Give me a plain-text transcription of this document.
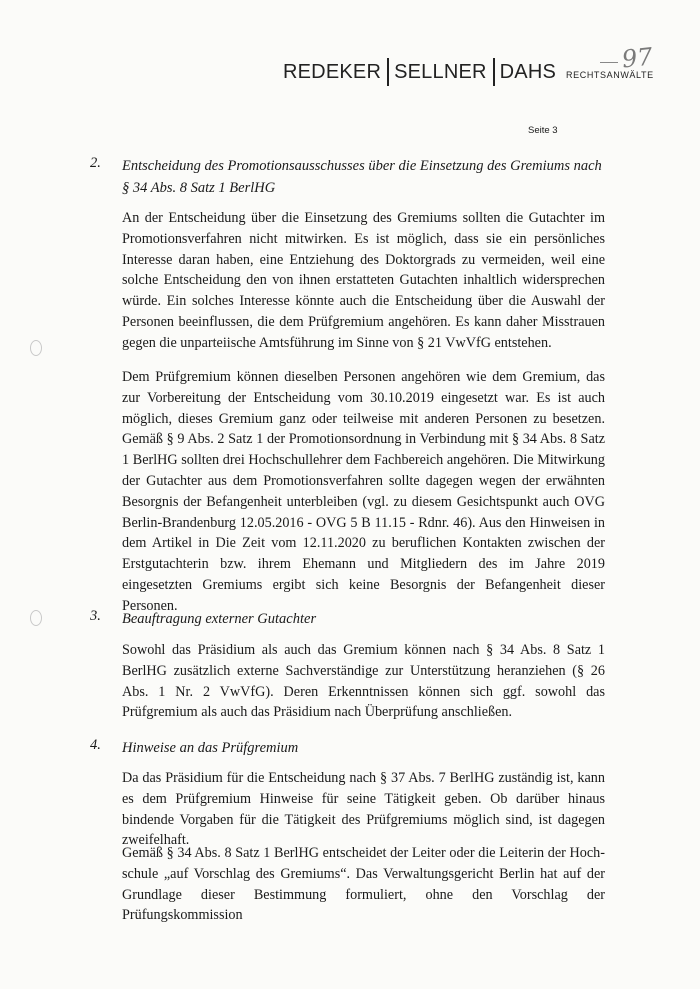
REDEKER SELLNER DAHS RECHTSANWÄLTE
97
Seite 3
2. Entscheidung des Promotionsausschusses über die Einsetzung des Gremiums nach § 34 Abs. 8 Satz 1 BerlHG
An der Entscheidung über die Einsetzung des Gremiums sollten die Gutachter im Promotionsverfahren nicht mitwirken. Es ist möglich, dass sie ein persönliches Interesse daran haben, eine Entziehung des Doktorgrads zu vermeiden, weil eine solche Entscheidung den von ihnen erstatteten Gutachten inhaltlich widersprechen würde. Ein solches Interesse könnte auch die Entscheidung über die Auswahl der Personen beeinflussen, die dem Prüfgremium angehören. Es kann daher Misstrauen gegen die unparteiische Amtsführung im Sinne von § 21 VwVfG entstehen.
Dem Prüfgremium können dieselben Personen angehören wie dem Gremium, das zur Vorbereitung der Entscheidung vom 30.10.2019 eingesetzt war. Es ist auch möglich, dieses Gremium ganz oder teilweise mit anderen Personen zu besetzen. Gemäß § 9 Abs. 2 Satz 1 der Promotionsordnung in Verbindung mit § 34 Abs. 8 Satz 1 BerlHG sollten drei Hochschullehrer dem Fachbereich angehören. Die Mitwirkung der Gutachter aus dem Promotionsverfahren sollte dagegen wegen der erwähnten Besorgnis der Befangenheit unterbleiben (vgl. zu diesem Gesichtspunkt auch OVG Berlin-Brandenburg 12.05.2016 - OVG 5 B 11.15 - Rdnr. 46). Aus den Hinweisen in dem Artikel in Die Zeit vom 12.11.2020 zu beruflichen Kontakten zwischen der Erstgutachterin bzw. ihrem Ehemann und Mitgliedern des im Jahre 2019 eingesetzten Gremiums ergibt sich keine Besorgnis der Befangenheit dieser Personen.
3. Beauftragung externer Gutachter
Sowohl das Präsidium als auch das Gremium können nach § 34 Abs. 8 Satz 1 BerlHG zusätzlich externe Sachverständige zur Unterstützung heranziehen (§ 26 Abs. 1 Nr. 2 VwVfG). Deren Erkenntnissen können sich ggf. sowohl das Prüfgremium als auch das Präsidium nach Überprüfung anschließen.
4. Hinweise an das Prüfgremium
Da das Präsidium für die Entscheidung nach § 37 Abs. 7 BerlHG zuständig ist, kann es dem Prüfgremium Hinweise für seine Tätigkeit geben. Ob darüber hinaus bindende Vorgaben für die Tätigkeit des Prüfgremiums möglich sind, ist dagegen zweifelhaft.
Gemäß § 34 Abs. 8 Satz 1 BerlHG entscheidet der Leiter oder die Leiterin der Hochschule „auf Vorschlag des Gremiums“. Das Verwaltungsgericht Berlin hat auf der Grundlage dieser Bestimmung formuliert, ohne den Vorschlag der Prüfungskommission
